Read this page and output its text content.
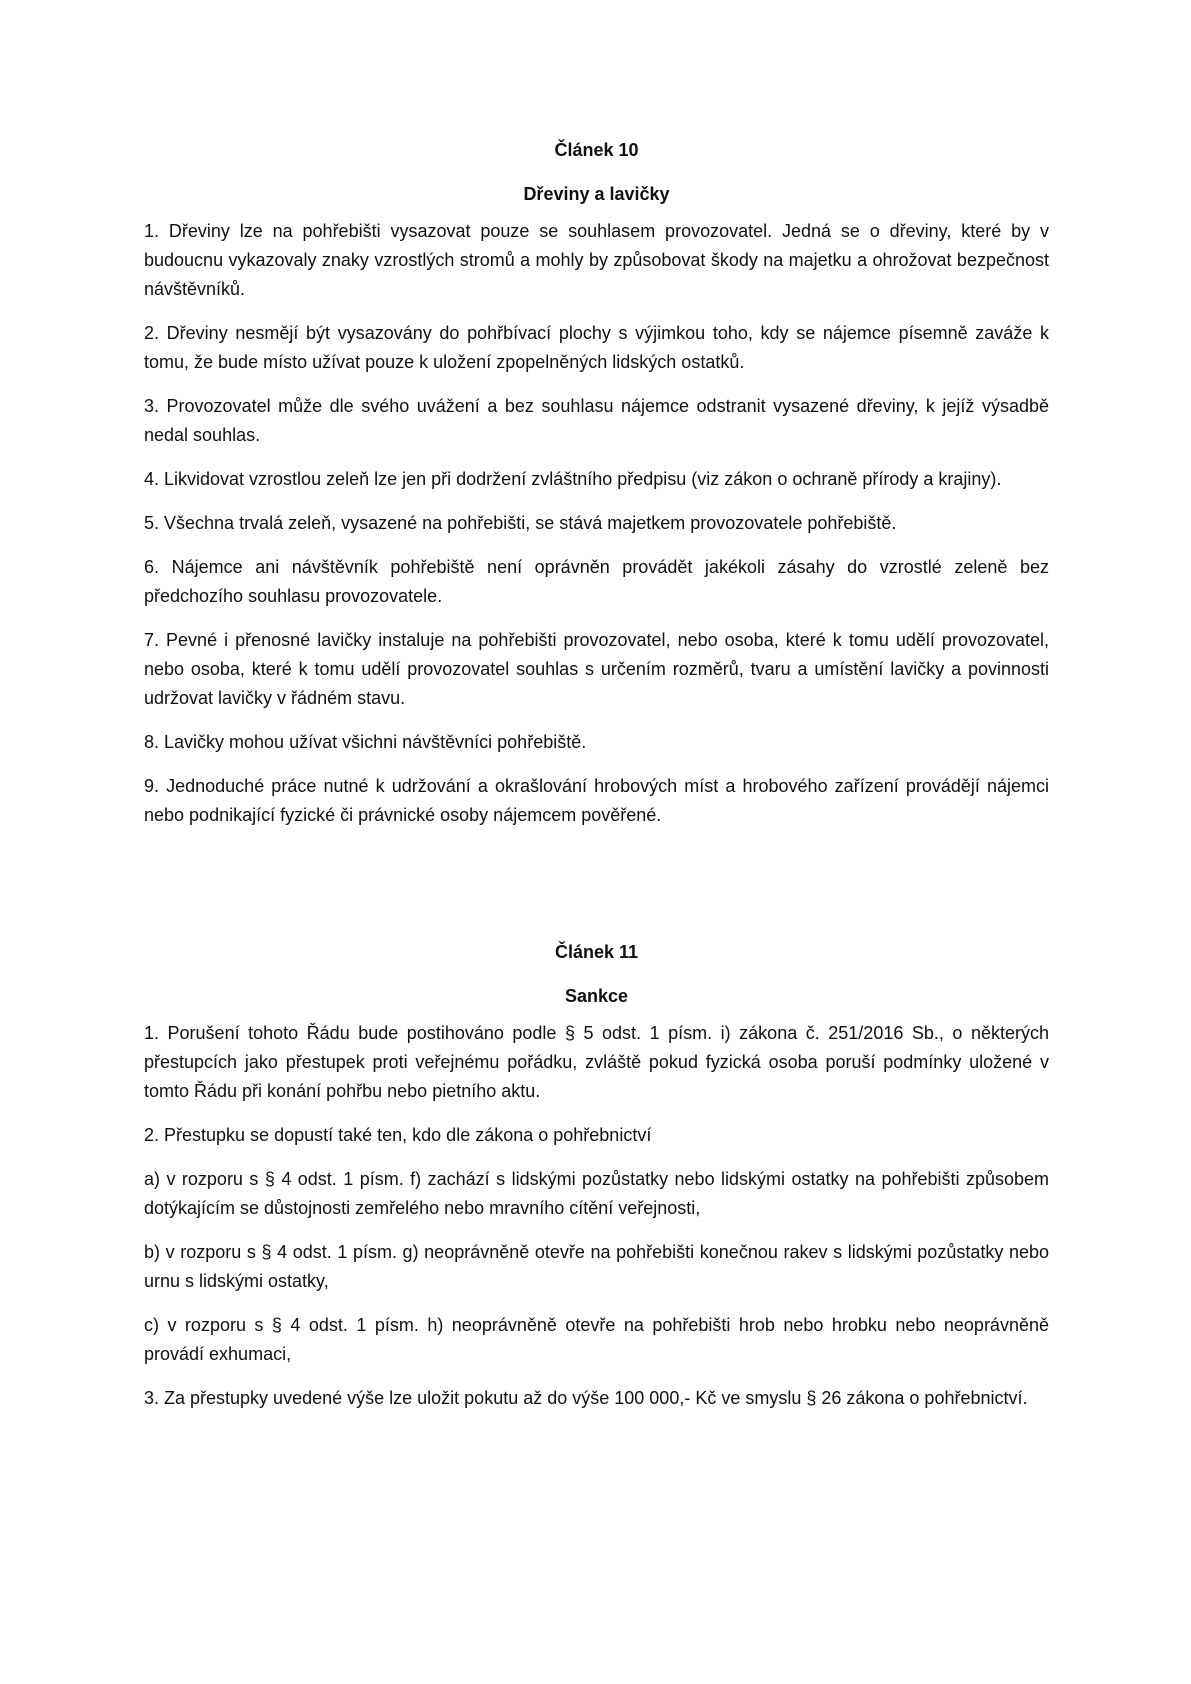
Článek 10
Dřeviny a lavičky

1. Dřeviny lze na pohřebišti vysazovat pouze se souhlasem provozovatel. Jedná se o dřeviny, které by v budoucnu vykazovaly znaky vzrostlých stromů a mohly by způsobovat škody na majetku a ohrožovat bezpečnost návštěvníků.

2. Dřeviny nesmějí být vysazovány do pohřbívací plochy s výjimkou toho, kdy se nájemce písemně zaváže k tomu, že bude místo užívat pouze k uložení zpopelněných lidských ostatků.

3. Provozovatel může dle svého uvážení a bez souhlasu nájemce odstranit vysazené dřeviny, k jejíž výsadbě nedal souhlas.

4. Likvidovat vzrostlou zeleň lze jen při dodržení zvláštního předpisu (viz zákon o ochraně přírody a krajiny).

5. Všechna trvalá zeleň, vysazené na pohřebišti, se stává majetkem provozovatele pohřebiště.

6. Nájemce ani návštěvník pohřebiště není oprávněn provádět jakékoli zásahy do vzrostlé zeleně bez předchozího souhlasu provozovatele.

7. Pevné i přenosné lavičky instaluje na pohřebišti provozovatel, nebo osoba, které k tomu udělí provozovatel, nebo osoba, které k tomu udělí provozovatel souhlas s určením rozměrů, tvaru a umístění lavičky a povinnosti udržovat lavičky v řádném stavu.

8. Lavičky mohou užívat všichni návštěvníci pohřebiště.

9. Jednoduché práce nutné k udržování a okrašlování hrobových míst a hrobového zařízení provádějí nájemci nebo podnikající fyzické či právnické osoby nájemcem pověřené.

Článek 11
Sankce

1. Porušení tohoto Řádu bude postihováno podle § 5 odst. 1 písm. i) zákona č. 251/2016 Sb., o některých přestupcích jako přestupek proti veřejnému pořádku, zvláště pokud fyzická osoba poruší podmínky uložené v tomto Řádu při konání pohřbu nebo pietního aktu.

2. Přestupku se dopustí také ten, kdo dle zákona o pohřebnictví

a) v rozporu s § 4 odst. 1 písm. f) zachází s lidskými pozůstatky nebo lidskými ostatky na pohřebišti způsobem dotýkajícím se důstojnosti zemřelého nebo mravního cítění veřejnosti,

b) v rozporu s § 4 odst. 1 písm. g) neoprávněně otevře na pohřebišti konečnou rakev s lidskými pozůstatky nebo urnu s lidskými ostatky,

c) v rozporu s § 4 odst. 1 písm. h) neoprávněně otevře na pohřebišti hrob nebo hrobku nebo neoprávněně provádí exhumaci,

3. Za přestupky uvedené výše lze uložit pokutu až do výše 100 000,- Kč ve smyslu § 26 zákona o pohřebnictví.
